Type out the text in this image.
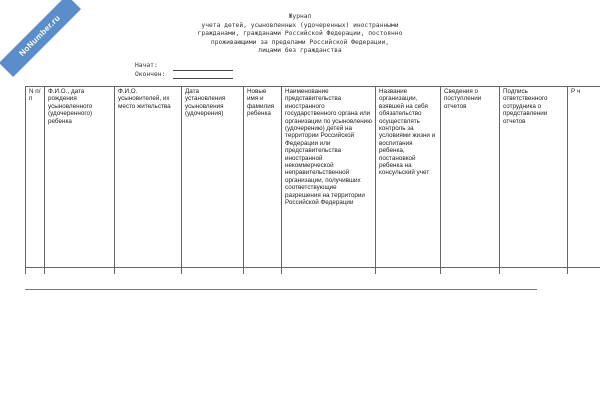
NoNumber.ru	Журнал
учета детей, усыновленных (удочеренных) иностранными
гражданами, гражданами Российской Федерации, постоянно
проживающими за пределами Российской Федерации,
лицами без гражданства
Начат:
Окончен:
N п/п	Ф.И.О., дата рождения усыновленного (удочеренного) ребенка	Ф.И.О. усыновителей, их место жительства	Дата установления усыновления (удочерения)	Новые имя и фамилия ребенка	Наименование представительства иностранного государственного органа или организации по усыновлению (удочерению) детей на территории Российской Федерации или представительства иностранной некоммерческой неправительственной организации, получивших соответствующие разрешения на территории Российской Федерации	Название организации, взявшей на себя обязательство осуществлять контроль за условиями жизни и воспитания ребенка, постановкой ребенка на консульский учет	Сведения о поступлении отчетов	Подпись ответственного сотрудника о представлении отчетов	Р ч
